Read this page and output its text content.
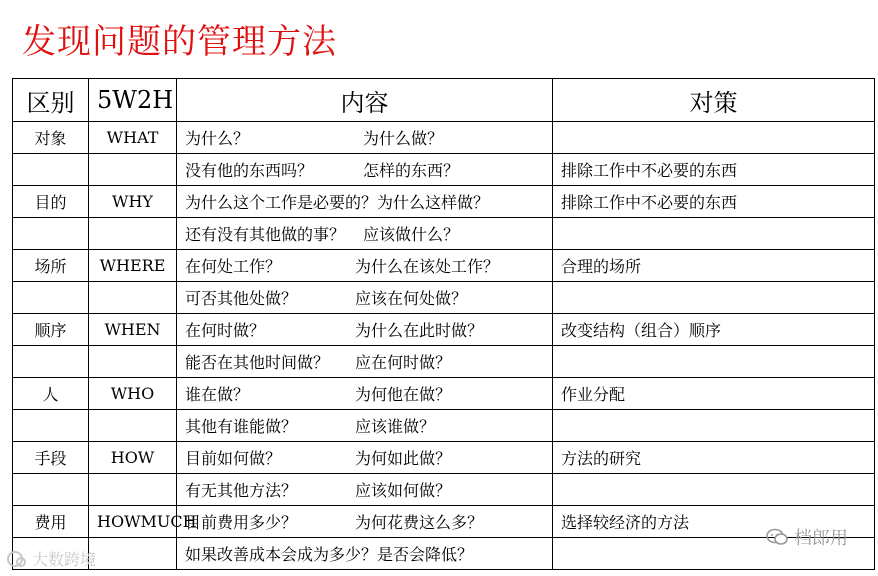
发现问题的管理方法
区别	5W2H	内容	对策
对象	WHAT	为什么？ 为什么做？	
		没有他的东西吗？ 怎样的东西？	排除工作中不必要的东西
目的	WHY	为什么这个工作是必要的？为什么这样做？	排除工作中不必要的东西
		还有没有其他做的事？ 应该做什么？	
场所	WHERE	在何处工作？ 为什么在该处工作？	合理的场所
		可否其他处做？ 应该在何处做？	
顺序	WHEN	在何时做？ 为什么在此时做？	改变结构（组合）顺序
		能否在其他时间做？ 应在何时做？	
人	WHO	谁在做？ 为何他在做？	作业分配
		其他有谁能做？ 应该谁做？	
手段	HOW	目前如何做？ 为何如此做？	方法的研究
		有无其他方法？ 应该如何做？	
费用	HOWMUCH	目前费用多少？ 为何花费这么多？	选择较经济的方法
		如果改善成本会成为多少？是否会降低？	
大数跨境
档郎用
